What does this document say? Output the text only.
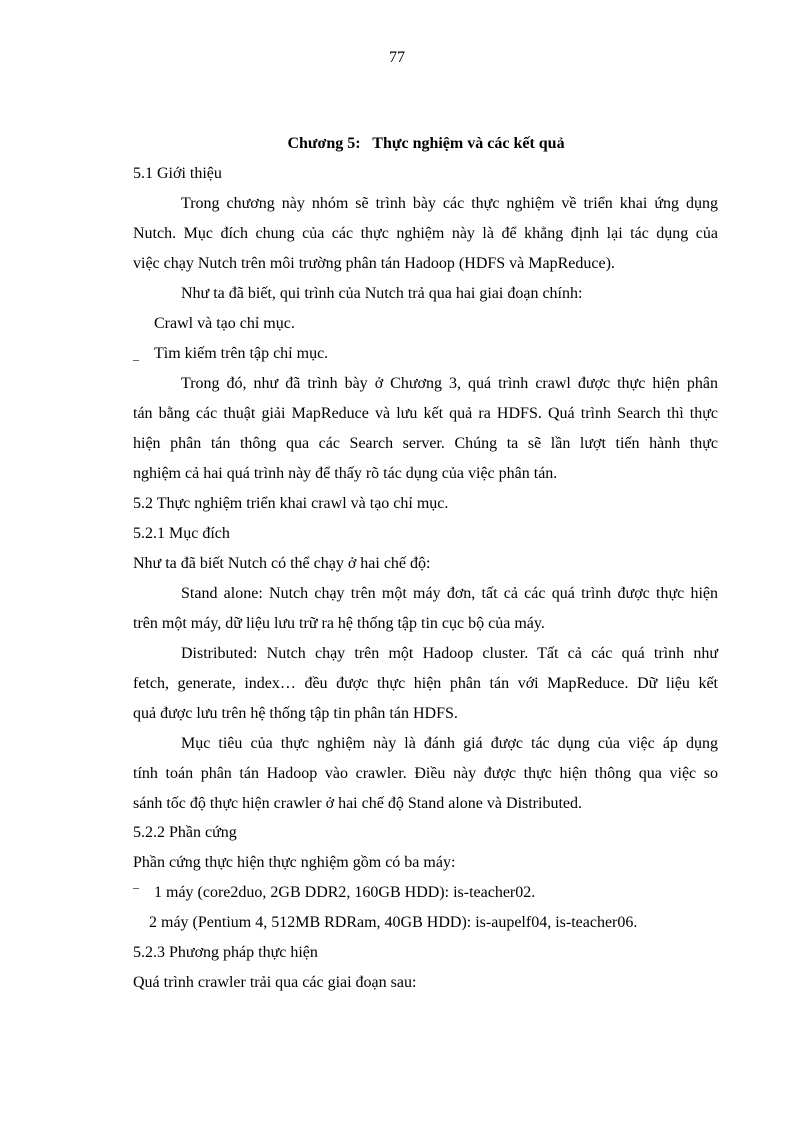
77
Chương 5:   Thực nghiệm và các kết quả
5.1 Giới thiệu
Trong chương này nhóm sẽ trình bày các thực nghiệm về triển khai ứng dụng
Nutch. Mục đích chung của các thực nghiệm này là để khẳng định lại tác dụng của
việc chạy Nutch trên môi trường phân tán Hadoop (HDFS và MapReduce).
Như ta đã biết, qui trình của Nutch trả qua hai giai đoạn chính:
Crawl và tạo chỉ mục.
_ Tìm kiếm trên tập chỉ mục.
Trong đó, như đã trình bày ở Chương 3, quá trình crawl được thực hiện phân
tán bằng các thuật giải MapReduce và lưu kết quả ra HDFS. Quá trình Search thì thực
hiện phân tán thông qua các Search server. Chúng ta sẽ lần lượt tiến hành thực
nghiệm cả hai quá trình này để thấy rõ tác dụng của việc phân tán.
5.2 Thực nghiệm triển khai crawl và tạo chỉ mục.
5.2.1 Mục đích
Như ta đã biết Nutch có thể chạy ở hai chế độ:
Stand alone: Nutch chạy trên một máy đơn, tất cả các quá trình được thực hiện
trên một máy, dữ liệu lưu trữ ra hệ thống tập tin cục bộ của máy.
Distributed: Nutch chạy trên một Hadoop cluster. Tất cả các quá trình như
fetch, generate, index… đều được thực hiện phân tán với MapReduce. Dữ liệu kết
quả được lưu trên hệ thống tập tin phân tán HDFS.
Mục tiêu của thực nghiệm này là đánh giá được tác dụng của việc áp dụng
tính toán phân tán Hadoop vào crawler. Điều này được thực hiện thông qua việc so
sánh tốc độ thực hiện crawler ở hai chế độ Stand alone và Distributed.
5.2.2 Phần cứng
Phần cứng thực hiện thực nghiệm gồm có ba máy:
– 1 máy (core2duo, 2GB DDR2, 160GB HDD): is-teacher02.
2 máy (Pentium 4, 512MB RDRam, 40GB HDD): is-aupelf04, is-teacher06.
5.2.3 Phương pháp thực hiện
Quá trình crawler trải qua các giai đoạn sau:
